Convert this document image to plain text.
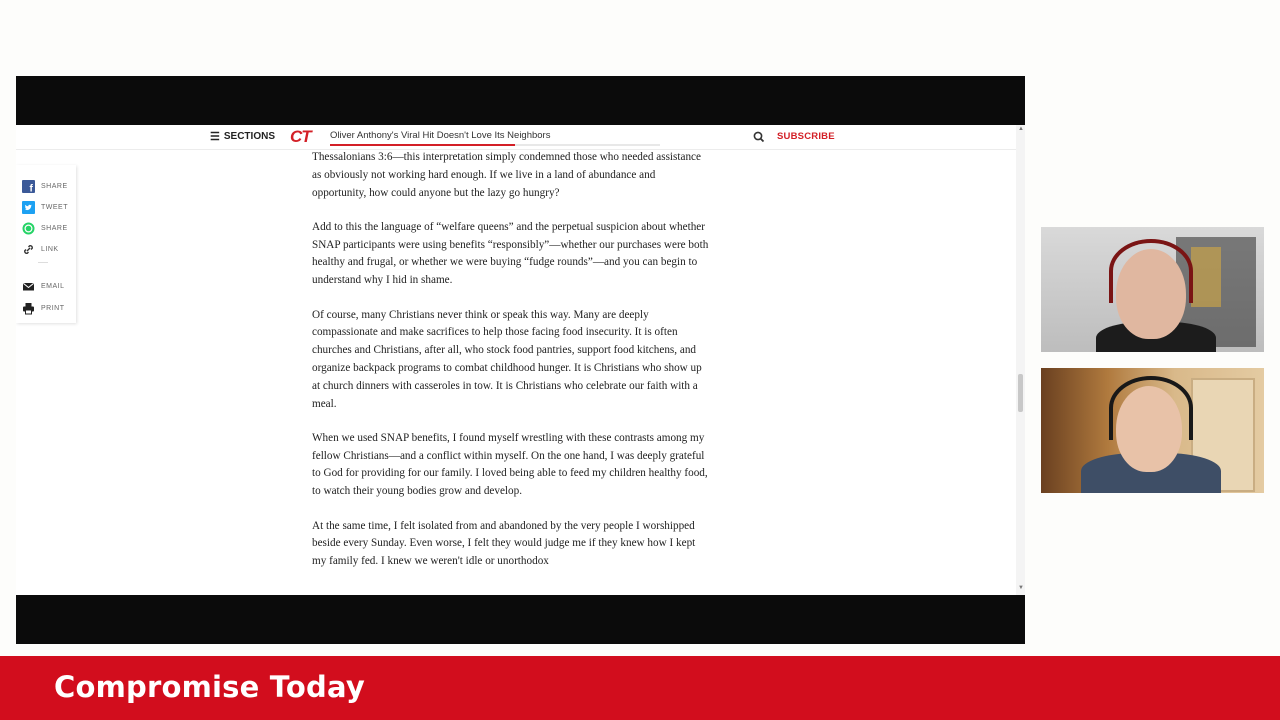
☰ SECTIONS CT	Oliver Anthony's Viral Hit Doesn't Love Its Neighbors	SUBSCRIBE
f SHARE
TWEET
SHARE
LINK
EMAIL
PRINT

Thessalonians 3:6—this interpretation simply condemned those who needed assistance as obviously not working hard enough. If we live in a land of abundance and opportunity, how could anyone but the lazy go hungry?

Add to this the language of “welfare queens” and the perpetual suspicion about whether SNAP participants were using benefits “responsibly”—whether our purchases were both healthy and frugal, or whether we were buying “fudge rounds”—and you can begin to understand why I hid in shame.

Of course, many Christians never think or speak this way. Many are deeply compassionate and make sacrifices to help those facing food insecurity. It is often churches and Christians, after all, who stock food pantries, support food kitchens, and organize backpack programs to combat childhood hunger. It is Christians who show up at church dinners with casseroles in tow. It is Christians who celebrate our faith with a meal.

When we used SNAP benefits, I found myself wrestling with these contrasts among my fellow Christians—and a conflict within myself. On the one hand, I was deeply grateful to God for providing for our family. I loved being able to feed my children healthy food, to watch their young bodies grow and develop.

At the same time, I felt isolated from and abandoned by the very people I worshipped beside every Sunday. Even worse, I felt they would judge me if they knew how I kept my family fed. I knew we weren't idle or unorthodox

▲
▼
Compromise Today
